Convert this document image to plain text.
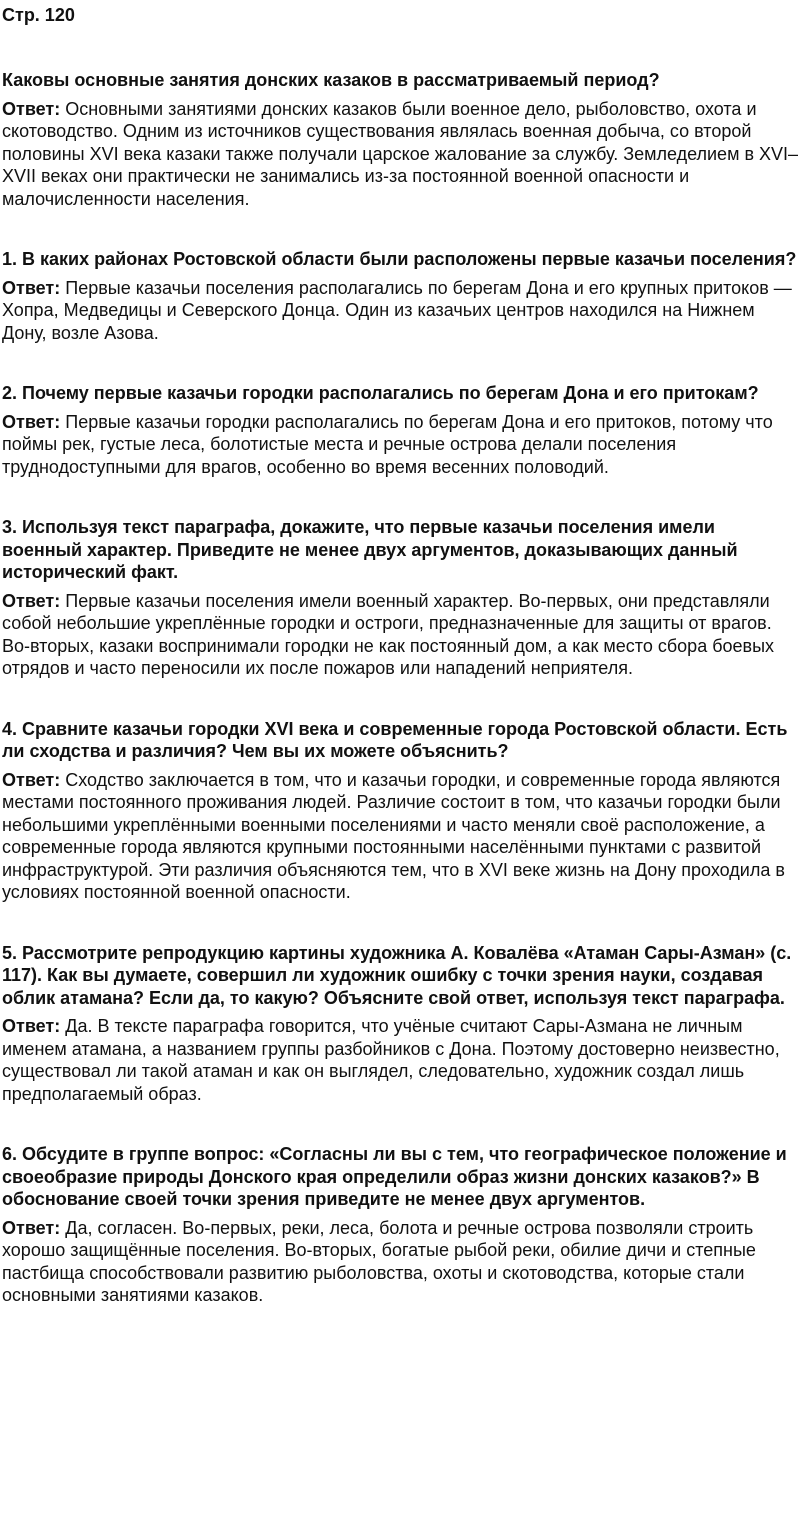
Стр. 120
Каковы основные занятия донских казаков в рассматриваемый период?
Ответ: Основными занятиями донских казаков были военное дело, рыболовство, охота и скотоводство. Одним из источников существования являлась военная добыча, со второй половины XVI века казаки также получали царское жалование за службу. Земледелием в XVI–XVII веках они практически не занимались из-за постоянной военной опасности и малочисленности населения.
1. В каких районах Ростовской области были расположены первые казачьи поселения?
Ответ: Первые казачьи поселения располагались по берегам Дона и его крупных притоков — Хопра, Медведицы и Северского Донца. Один из казачьих центров находился на Нижнем Дону, возле Азова.
2. Почему первые казачьи городки располагались по берегам Дона и его притокам?
Ответ: Первые казачьи городки располагались по берегам Дона и его притоков, потому что поймы рек, густые леса, болотистые места и речные острова делали поселения труднодоступными для врагов, особенно во время весенних половодий.
3. Используя текст параграфа, докажите, что первые казачьи поселения имели военный характер. Приведите не менее двух аргументов, доказывающих данный исторический факт.
Ответ: Первые казачьи поселения имели военный характер. Во-первых, они представляли собой небольшие укреплённые городки и остроги, предназначенные для защиты от врагов. Во-вторых, казаки воспринимали городки не как постоянный дом, а как место сбора боевых отрядов и часто переносили их после пожаров или нападений неприятеля.
4. Сравните казачьи городки XVI века и современные города Ростовской области. Есть ли сходства и различия? Чем вы их можете объяснить?
Ответ: Сходство заключается в том, что и казачьи городки, и современные города являются местами постоянного проживания людей. Различие состоит в том, что казачьи городки были небольшими укреплёнными военными поселениями и часто меняли своё расположение, а современные города являются крупными постоянными населёнными пунктами с развитой инфраструктурой. Эти различия объясняются тем, что в XVI веке жизнь на Дону проходила в условиях постоянной военной опасности.
5. Рассмотрите репродукцию картины художника А. Ковалёва «Атаман Сары-Азман» (с. 117). Как вы думаете, совершил ли художник ошибку с точки зрения науки, создавая облик атамана? Если да, то какую? Объясните свой ответ, используя текст параграфа.
Ответ: Да. В тексте параграфа говорится, что учёные считают Сары-Азмана не личным именем атамана, а названием группы разбойников с Дона. Поэтому достоверно неизвестно, существовал ли такой атаман и как он выглядел, следовательно, художник создал лишь предполагаемый образ.
6. Обсудите в группе вопрос: «Согласны ли вы с тем, что географическое положение и своеобразие природы Донского края определили образ жизни донских казаков?» В обоснование своей точки зрения приведите не менее двух аргументов.
Ответ: Да, согласен. Во-первых, реки, леса, болота и речные острова позволяли строить хорошо защищённые поселения. Во-вторых, богатые рыбой реки, обилие дичи и степные пастбища способствовали развитию рыболовства, охоты и скотоводства, которые стали основными занятиями казаков.
